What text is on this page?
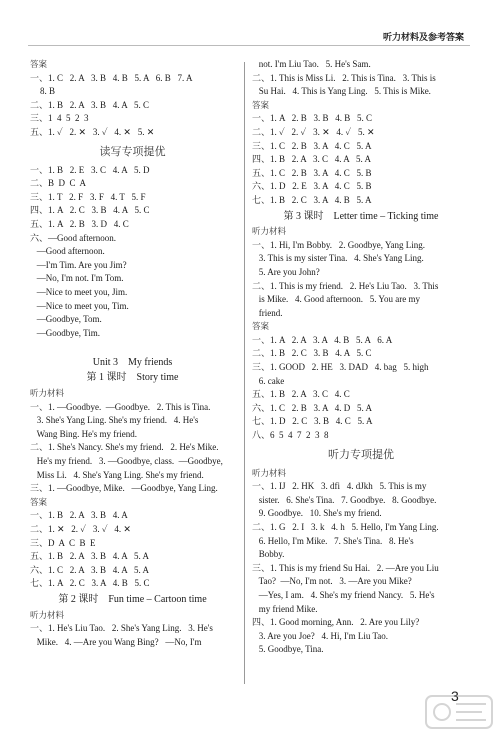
听力材料及参考答案
答案
一、1. C   2. A   3. B   4. B   5. A   6. B   7. A
8. B
二、1. B   2. A   3. B   4. A   5. C
三、1  4  5  2  3
五、1. ✓   2. ✕   3. ✓   4. ✕   5. ✕
读写专项提优
一、1. B   2. E   3. C   4. A   5. D
二、B  D  C  A
三、1. T   2. F   3. F   4. T   5. F
四、1. A   2. C   3. B   4. A   5. C
五、1. A   2. B   3. D   4. C
六、—Good afternoon.
—Good afternoon.
—I'm Tim. Are you Jim?
—No, I'm not. I'm Tom.
—Nice to meet you, Jim.
—Nice to meet you, Tim.
—Goodbye, Tom.
—Goodbye, Tim.
Unit 3    My friends
第 1 课时    Story time
听力材料
一、1. —Goodbye.  —Goodbye.   2. This is Tina.
3. She's Yang Ling. She's my friend.   4. He's
Wang Bing. He's my friend.
二、1. She's Nancy. She's my friend.   2. He's Mike.
He's my friend.   3. —Goodbye, class.  —Goodbye,
Miss Li.   4. She's Yang Ling. She's my friend.
三、1. —Goodbye, Mike.   —Goodbye, Yang Ling.
答案
一、1. B   2. A   3. B   4. A
二、1. ✕   2. ✓   3. ✓   4. ✕
三、D  A  C  B  E
五、1. B   2. A   3. B   4. A   5. A
六、1. C   2. A   3. B   4. A   5. A
七、1. A   2. C   3. A   4. B   5. C
第 2 课时    Fun time – Cartoon time
听力材料
一、1. He's Liu Tao.   2. She's Yang Ling.   3. He's
Mike.   4. —Are you Wang Bing?   —No, I'm
not. I'm Liu Tao.   5. He's Sam.
二、1. This is Miss Li.   2. This is Tina.   3. This is
Su Hai.   4. This is Yang Ling.   5. This is Mike.
答案
一、1. A   2. B   3. B   4. B   5. C
二、1. ✓   2. ✓   3. ✕   4. ✓   5. ✕
三、1. C   2. B   3. A   4. C   5. A
四、1. B   2. A   3. C   4. A   5. A
五、1. C   2. B   3. A   4. C   5. B
六、1. D   2. E   3. A   4. C   5. B
七、1. B   2. C   3. A   4. B   5. A
第 3 课时    Letter time – Ticking time
听力材料
一、1. Hi, I'm Bobby.   2. Goodbye, Yang Ling.
3. This is my sister Tina.   4. She's Yang Ling.
5. Are you John?
二、1. This is my friend.   2. He's Liu Tao.   3. This
is Mike.   4. Good afternoon.   5. You are my
friend.
答案
一、1. A   2. A   3. A   4. B   5. A   6. A
二、1. B   2. C   3. B   4. A   5. C
三、1. GOOD   2. HE   3. DAD   4. bag   5. high
6. cake
五、1. B   2. A   3. C   4. C
六、1. C   2. B   3. A   4. D   5. A
七、1. D   2. C   3. B   4. C   5. A
八、6  5  4  7  2  3  8
听力专项提优
听力材料
一、1. IJ   2. HK   3. dfi   4. dJkh   5. This is my
sister.   6. She's Tina.   7. Goodbye.   8. Goodbye.
9. Goodbye.   10. She's my friend.
二、1. G   2. I   3. k   4. h   5. Hello, I'm Yang Ling.
6. Hello, I'm Mike.   7. She's Tina.   8. He's
Bobby.
三、1. This is my friend Su Hai.   2. —Are you Liu
Tao?  —No, I'm not.   3. —Are you Mike?
—Yes, I am.   4. She's my friend Nancy.   5. He's
my friend Mike.
四、1. Good morning, Ann.   2. Are you Lily?
3. Are you Joe?   4. Hi, I'm Liu Tao.
5. Goodbye, Tina.
3
